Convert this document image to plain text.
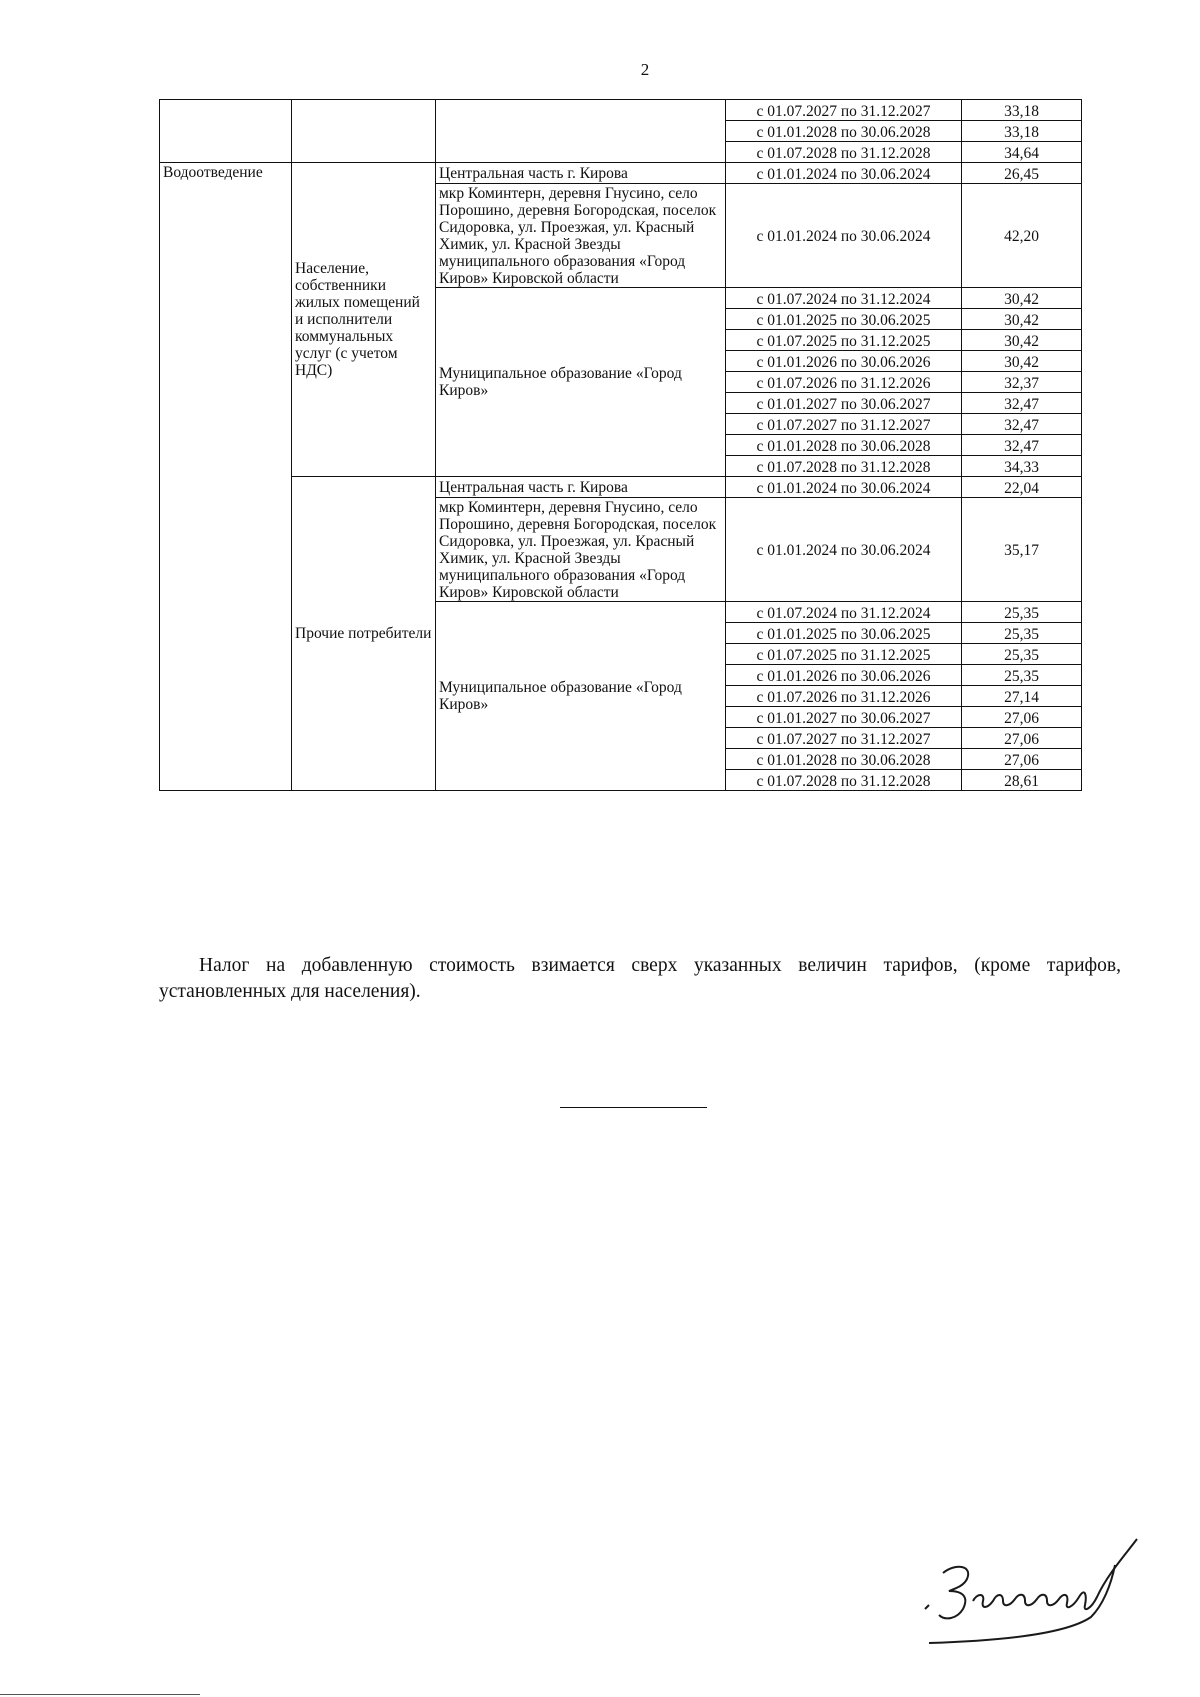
2
			с 01.07.2027 по 31.12.2027	33,18
			с 01.01.2028 по 30.06.2028	33,18
			с 01.07.2028 по 31.12.2028	34,64
Водоотведение	Население, собственники жилых помещений и исполнители коммунальных услуг (с учетом НДС)	Центральная часть г. Кирова	с 01.01.2024 по 30.06.2024	26,45
		мкр Коминтерн, деревня Гнусино, село Порошино, деревня Богородская, поселок Сидоровка, ул. Проезжая, ул. Красный Химик, ул. Красной Звезды муниципального образования «Город Киров» Кировской области	с 01.01.2024 по 30.06.2024	42,20
		Муниципальное образование «Город Киров»	с 01.07.2024 по 31.12.2024	30,42
			с 01.01.2025 по 30.06.2025	30,42
			с 01.07.2025 по 31.12.2025	30,42
			с 01.01.2026 по 30.06.2026	30,42
			с 01.07.2026 по 31.12.2026	32,37
			с 01.01.2027 по 30.06.2027	32,47
			с 01.07.2027 по 31.12.2027	32,47
			с 01.01.2028 по 30.06.2028	32,47
			с 01.07.2028 по 31.12.2028	34,33
	Прочие потребители	Центральная часть г. Кирова	с 01.01.2024 по 30.06.2024	22,04
		мкр Коминтерн, деревня Гнусино, село Порошино, деревня Богородская, поселок Сидоровка, ул. Проезжая, ул. Красный Химик, ул. Красной Звезды муниципального образования «Город Киров» Кировской области	с 01.01.2024 по 30.06.2024	35,17
		Муниципальное образование «Город Киров»	с 01.07.2024 по 31.12.2024	25,35
			с 01.01.2025 по 30.06.2025	25,35
			с 01.07.2025 по 31.12.2025	25,35
			с 01.01.2026 по 30.06.2026	25,35
			с 01.07.2026 по 31.12.2026	27,14
			с 01.01.2027 по 30.06.2027	27,06
			с 01.07.2027 по 31.12.2027	27,06
			с 01.01.2028 по 30.06.2028	27,06
			с 01.07.2028 по 31.12.2028	28,61

Налог на добавленную стоимость взимается сверх указанных величин тарифов, (кроме тарифов, установленных для населения).
